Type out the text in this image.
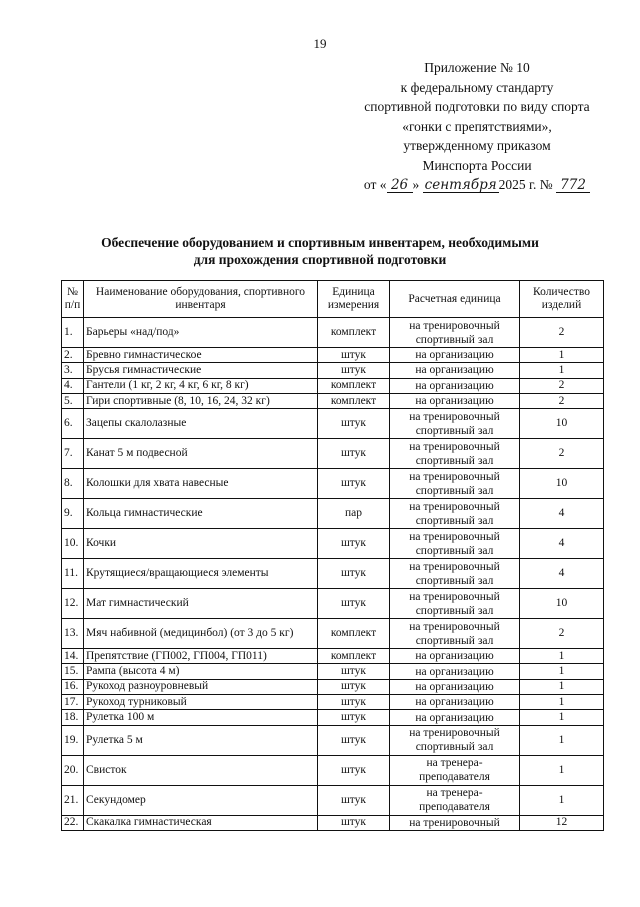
19
Приложение № 10
к федеральному стандарту
спортивной подготовки по виду спорта
«гонки с препятствиями»,
утвержденному приказом
Минспорта России
от « 26 » сентября 2025 г. № 772
Обеспечение оборудованием и спортивным инвентарем, необходимыми
для прохождения спортивной подготовки
№ п/п	Наименование оборудования, спортивного инвентаря	Единица измерения	Расчетная единица	Количество изделий
1.	Барьеры «над/под»	комплект	на тренировочный спортивный зал	2
2.	Бревно гимнастическое	штук	на организацию	1
3.	Брусья гимнастические	штук	на организацию	1
4.	Гантели (1 кг, 2 кг, 4 кг, 6 кг, 8 кг)	комплект	на организацию	2
5.	Гири спортивные (8, 10, 16, 24, 32 кг)	комплект	на организацию	2
6.	Зацепы скалолазные	штук	на тренировочный спортивный зал	10
7.	Канат 5 м подвесной	штук	на тренировочный спортивный зал	2
8.	Колошки для хвата навесные	штук	на тренировочный спортивный зал	10
9.	Кольца гимнастические	пар	на тренировочный спортивный зал	4
10.	Кочки	штук	на тренировочный спортивный зал	4
11.	Крутящиеся/вращающиеся элементы	штук	на тренировочный спортивный зал	4
12.	Мат гимнастический	штук	на тренировочный спортивный зал	10
13.	Мяч набивной (медицинбол) (от 3 до 5 кг)	комплект	на тренировочный спортивный зал	2
14.	Препятствие (ГП002, ГП004, ГП011)	комплект	на организацию	1
15.	Рампа (высота 4 м)	штук	на организацию	1
16.	Рукоход разноуровневый	штук	на организацию	1
17.	Рукоход турниковый	штук	на организацию	1
18.	Рулетка 100 м	штук	на организацию	1
19.	Рулетка 5 м	штук	на тренировочный спортивный зал	1
20.	Свисток	штук	на тренера-преподавателя	1
21.	Секундомер	штук	на тренера-преподавателя	1
22.	Скакалка гимнастическая	штук	на тренировочный	12
